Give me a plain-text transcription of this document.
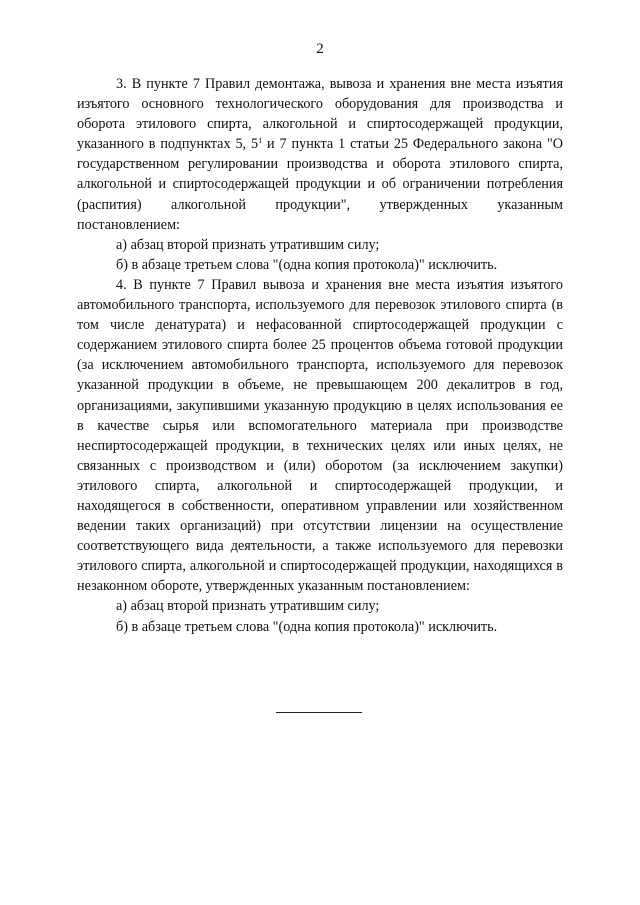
2

3. В пункте 7 Правил демонтажа, вывоза и хранения вне места изъятия изъятого основного технологического оборудования для производства и оборота этилового спирта, алкогольной и спиртосодержащей продукции, указанного в подпунктах 5, $5^1$ и 7 пункта 1 статьи 25 Федерального закона "О государственном регулировании производства и оборота этилового спирта, алкогольной и спиртосодержащей продукции и об ограничении потребления (распития) алкогольной продукции", утвержденных указанным постановлением:

а) абзац второй признать утратившим силу;

б) в абзаце третьем слова "(одна копия протокола)" исключить.

4. В пункте 7 Правил вывоза и хранения вне места изъятия изъятого автомобильного транспорта, используемого для перевозок этилового спирта (в том числе денатурата) и нефасованной спиртосодержащей продукции с содержанием этилового спирта более 25 процентов объема готовой продукции (за исключением автомобильного транспорта, используемого для перевозок указанной продукции в объеме, не превышающем 200 декалитров в год, организациями, закупившими указанную продукцию в целях использования ее в качестве сырья или вспомогательного материала при производстве неспиртосодержащей продукции, в технических целях или иных целях, не связанных с производством и (или) оборотом (за исключением закупки) этилового спирта, алкогольной и спиртосодержащей продукции, и находящегося в собственности, оперативном управлении или хозяйственном ведении таких организаций) при отсутствии лицензии на осуществление соответствующего вида деятельности, а также используемого для перевозки этилового спирта, алкогольной и спиртосодержащей продукции, находящихся в незаконном обороте, утвержденных указанным постановлением:

а) абзац второй признать утратившим силу;

б) в абзаце третьем слова "(одна копия протокола)" исключить.
